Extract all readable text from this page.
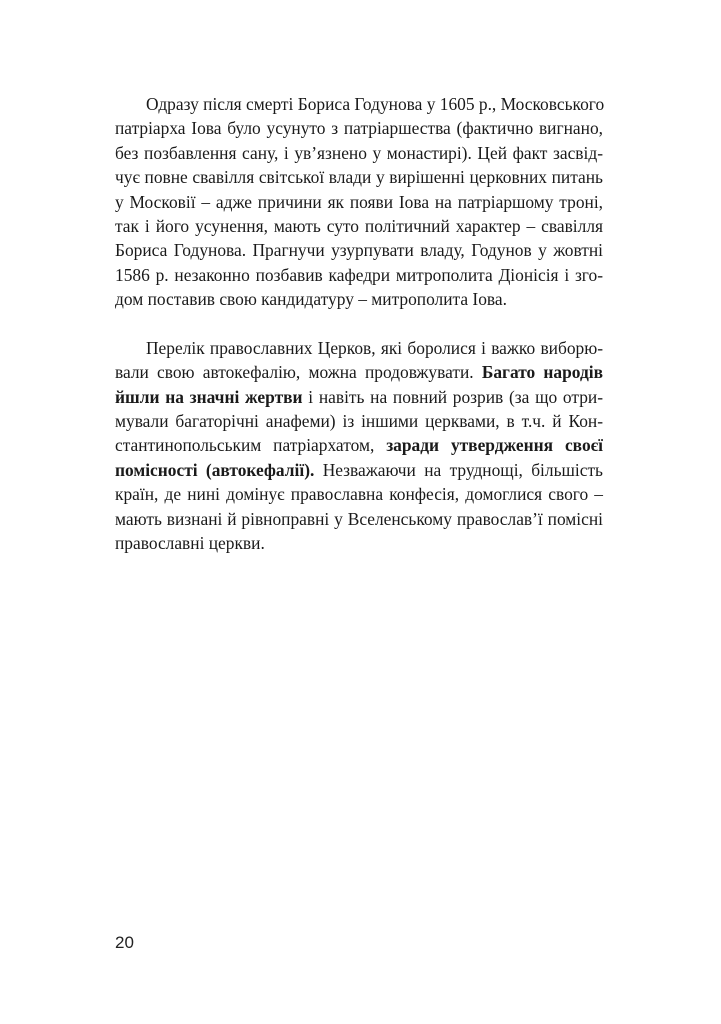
Одразу після смерті Бориса Годунова у 1605 р., Московського
патріарха Іова було усунуто з патріаршества (фактично вигнано,
без позбавлення сану, і ув’язнено у монастирі). Цей факт засвід-
чує повне свавілля світської влади у вирішенні церковних питань
у Московії – адже причини як появи Іова на патріаршому троні,
так і його усунення, мають суто політичний характер – свавілля
Бориса Годунова. Прагнучи узурпувати владу, Годунов у жовтні
1586 р. незаконно позбавив кафедри митрополита Діонісія і зго-
дом поставив свою кандидатуру – митрополита Іова.
Перелік православних Церков, які боролися і важко виборю-
вали свою автокефалію, можна продовжувати. Багато народів
йшли на значні жертви і навіть на повний розрив (за що отри-
мували багаторічні анафеми) із іншими церквами, в т.ч. й Кон-
стантинопольським патріархатом, заради утвердження своєї
помісності (автокефалії). Незважаючи на труднощі, більшість
країн, де нині домінує православна конфесія, домоглися свого –
мають визнані й рівноправні у Вселенському православ’ї помісні
православні церкви.
20
